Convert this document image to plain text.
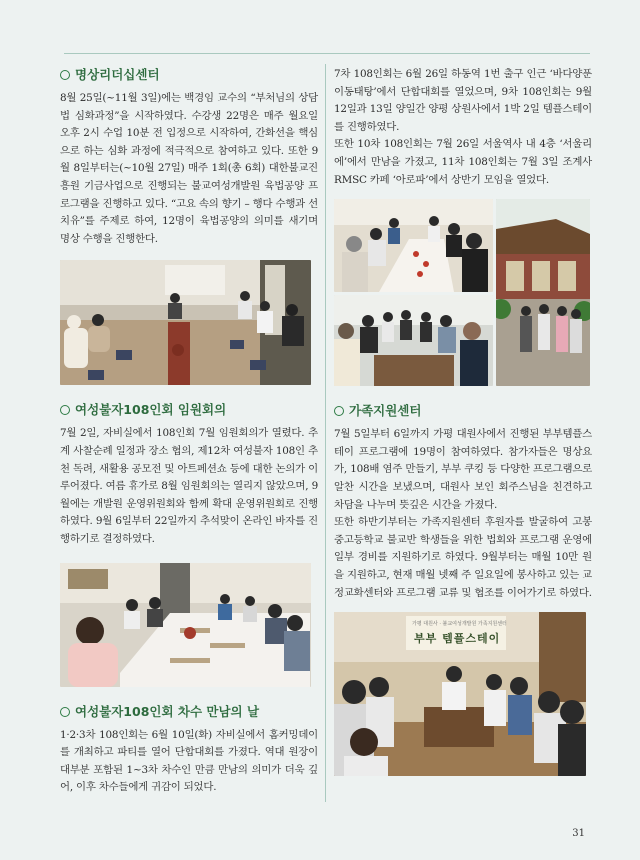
명상리더십센터

8월 25일(~11월 3일)에는 백경임 교수의 “부처님의 상담법 심화과정”을 시작하였다. 수강생 22명은 매주 월요일 오후 2시 수업 10분 전 입정으로 시작하여, 간화선을 핵심으로 하는 심화 과정에 적극적으로 참여하고 있다. 또한 9월 8일부터는(~10월 27일) 매주 1회(총 6회) 대한불교진흥원 기금사업으로 진행되는 불교여성개발원 육법공양 프로그램을 진행하고 있다. “고요 속의 향기 – 행다 수행과 선 치유”를 주제로 하여, 12명이 육법공양의 의미를 새기며 명상 수행을 진행한다.

여성불자108인회 임원회의

7월 2일, 자비실에서 108인회 7월 임원회의가 열렸다. 추계 사찰순례 일정과 장소 협의, 제12차 여성불자 108인 추천 독려, 새활용 공모전 및 아트페션쇼 등에 대한 논의가 이루어졌다. 여름 휴가로 8월 임원회의는 열리지 않았으며, 9월에는 개발원 운영위원회와 함께 확대 운영위원회로 진행하였다. 9월 6일부터 22일까지 추석맞이 온라인 바자를 진행하기로 결정하였다.

여성불자108인회 차수 만남의 날

1·2·3차 108인회는 6월 10일(화) 자비실에서 홈커밍데이를 개최하고 파티를 열어 단합대회를 가졌다. 역대 원장이 대부분 포함된 1~3차 차수인 만큼 만남의 의미가 더욱 깊어, 이후 차수들에게 귀감이 되었다.

7차 108인회는 6월 26일 하동역 1번 출구 인근 ‘바다양푼이동태탕’에서 단합대회를 열었으며, 9차 108인회는 9월 12일과 13일 양일간 양평 상원사에서 1박 2일 템플스테이를 진행하였다.

또한 10차 108인회는 7월 26일 서울역사 내 4층 ‘서울리에’에서 만남을 가졌고, 11차 108인회는 7월 3일 조계사 RMSC 카페 ‘아로파’에서 상반기 모임을 열었다.

가족지원센터

7월 5일부터 6일까지 가평 대원사에서 진행된 부부템플스테이 프로그램에 19명이 참여하였다. 참가자들은 명상요가, 108배 염주 만들기, 부부 쿠킹 등 다양한 프로그램으로 알찬 시간을 보냈으며, 대원사 보인 회주스님을 친견하고 차담을 나누며 뜻깊은 시간을 가졌다.

또한 하반기부터는 가족지원센터 후원자를 발굴하여 고봉중고등학교 불교반 학생들을 위한 법회와 프로그램 운영에 일부 경비를 지원하기로 하였다. 9월부터는 매월 10만 원을 지원하고, 현재 매월 넷째 주 일요일에 봉사하고 있는 교정교화센터와 프로그램 교류 및 협조를 이어가기로 하였다.

가평 대원사 · 불교여성개발원 가족지원센터
부부 템플스테이
31
